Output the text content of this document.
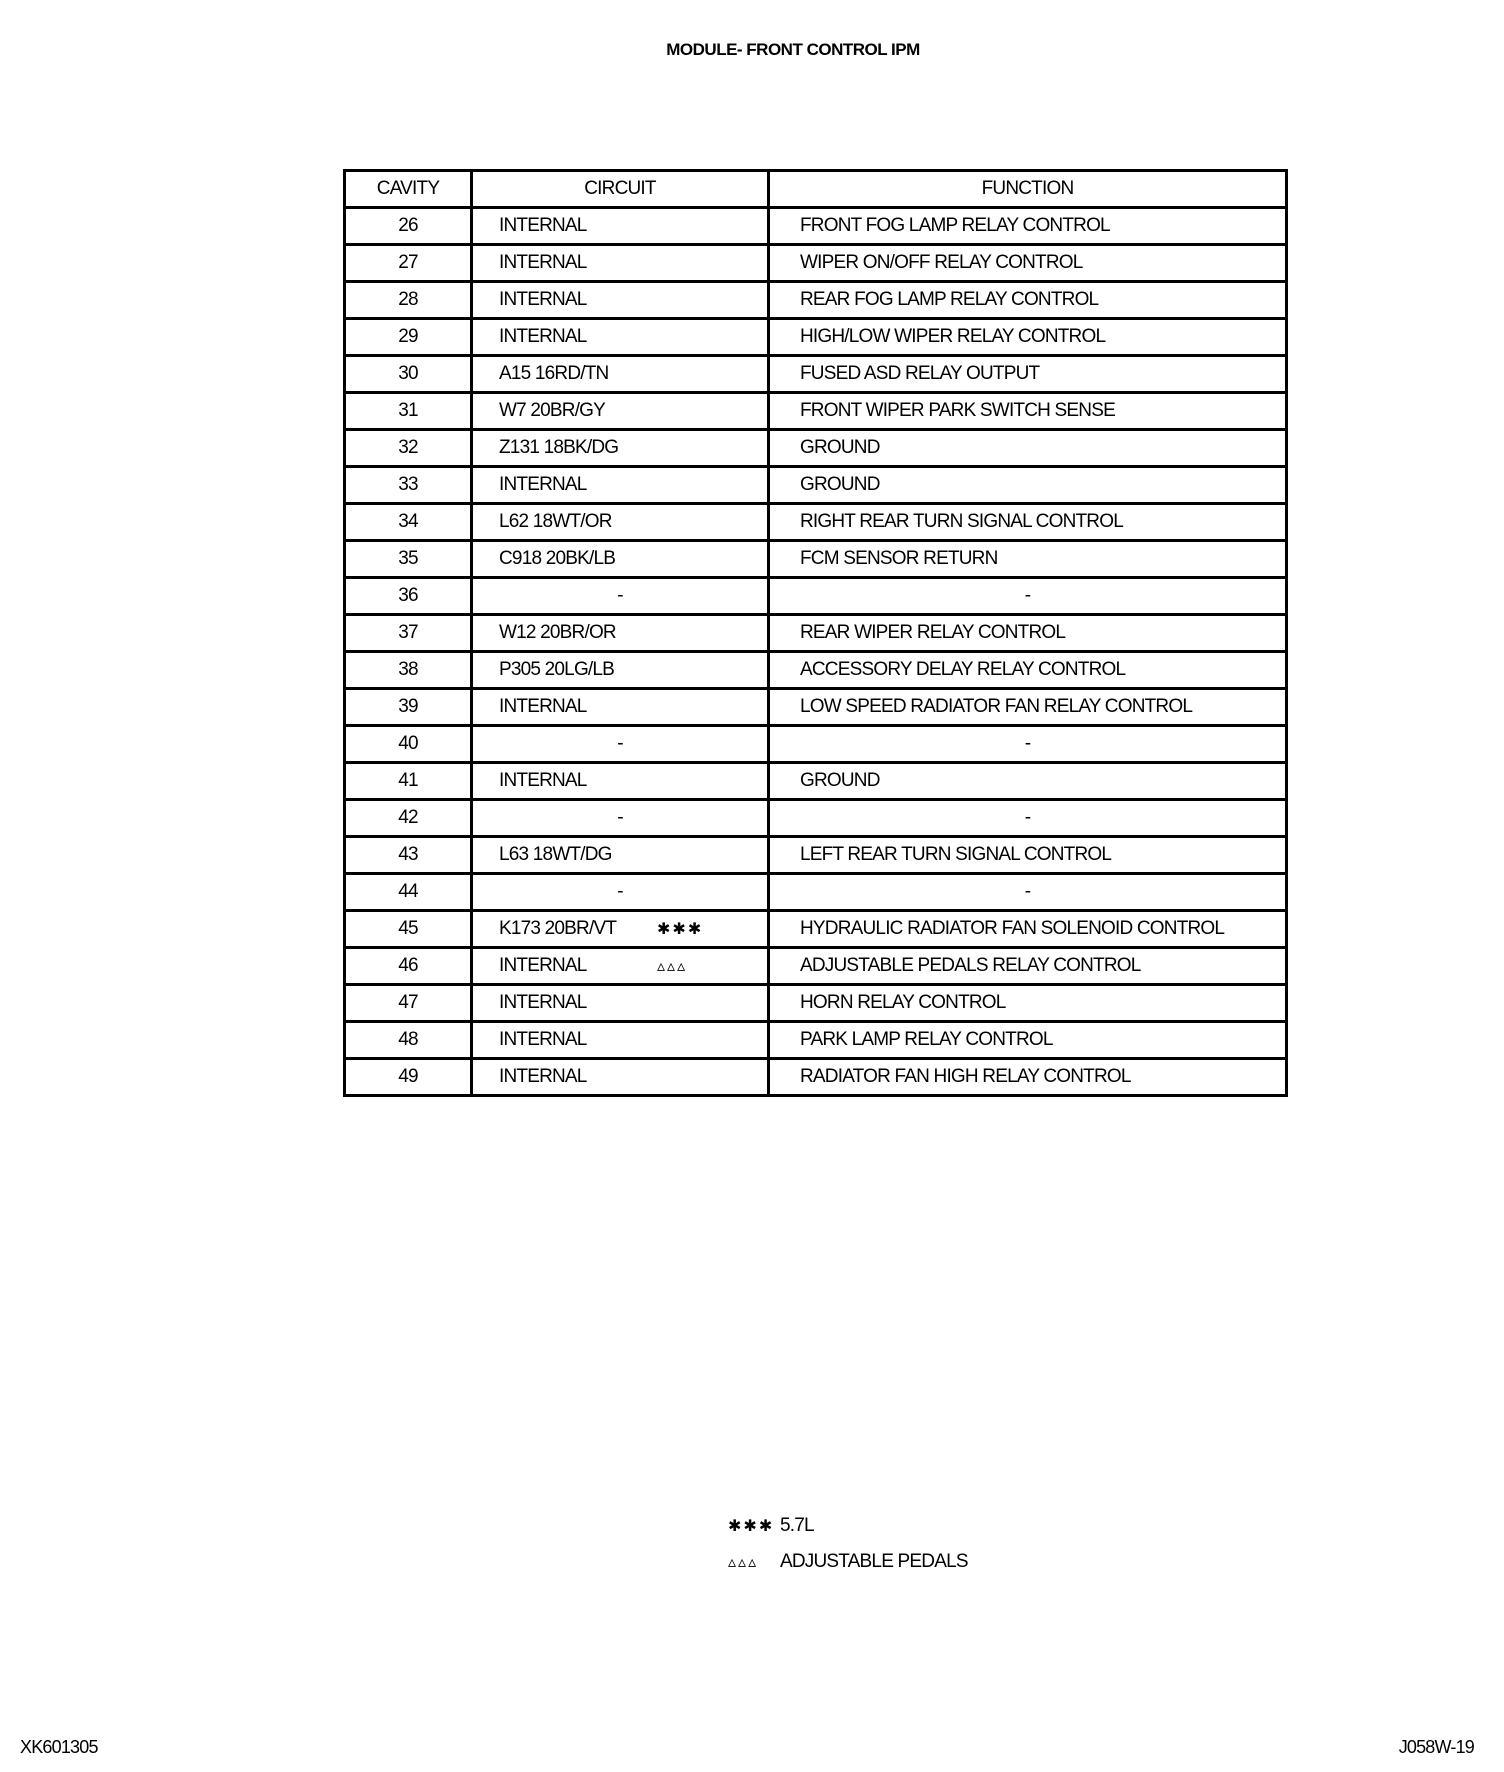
MODULE- FRONT CONTROL IPM
CAVITY	CIRCUIT	FUNCTION
26	INTERNAL	FRONT FOG LAMP RELAY CONTROL
27	INTERNAL	WIPER ON/OFF RELAY CONTROL
28	INTERNAL	REAR FOG LAMP RELAY CONTROL
29	INTERNAL	HIGH/LOW WIPER RELAY CONTROL
30	A15 16RD/TN	FUSED ASD RELAY OUTPUT
31	W7 20BR/GY	FRONT WIPER PARK SWITCH SENSE
32	Z131 18BK/DG	GROUND
33	INTERNAL	GROUND
34	L62 18WT/OR	RIGHT REAR TURN SIGNAL CONTROL
35	C918 20BK/LB	FCM SENSOR RETURN
36	-	-
37	W12 20BR/OR	REAR WIPER RELAY CONTROL
38	P305 20LG/LB	ACCESSORY DELAY RELAY CONTROL
39	INTERNAL	LOW SPEED RADIATOR FAN RELAY CONTROL
40	-	-
41	INTERNAL	GROUND
42	-	-
43	L63 18WT/DG	LEFT REAR TURN SIGNAL CONTROL
44	-	-
45	K173 20BR/VT ✱✱✱	HYDRAULIC RADIATOR FAN SOLENOID CONTROL
46	INTERNAL ▵▵▵	ADJUSTABLE PEDALS RELAY CONTROL
47	INTERNAL	HORN RELAY CONTROL
48	INTERNAL	PARK LAMP RELAY CONTROL
49	INTERNAL	RADIATOR FAN HIGH RELAY CONTROL
✱✱✱ 5.7L
▵▵▵ ADJUSTABLE PEDALS
XK601305	J058W-19
